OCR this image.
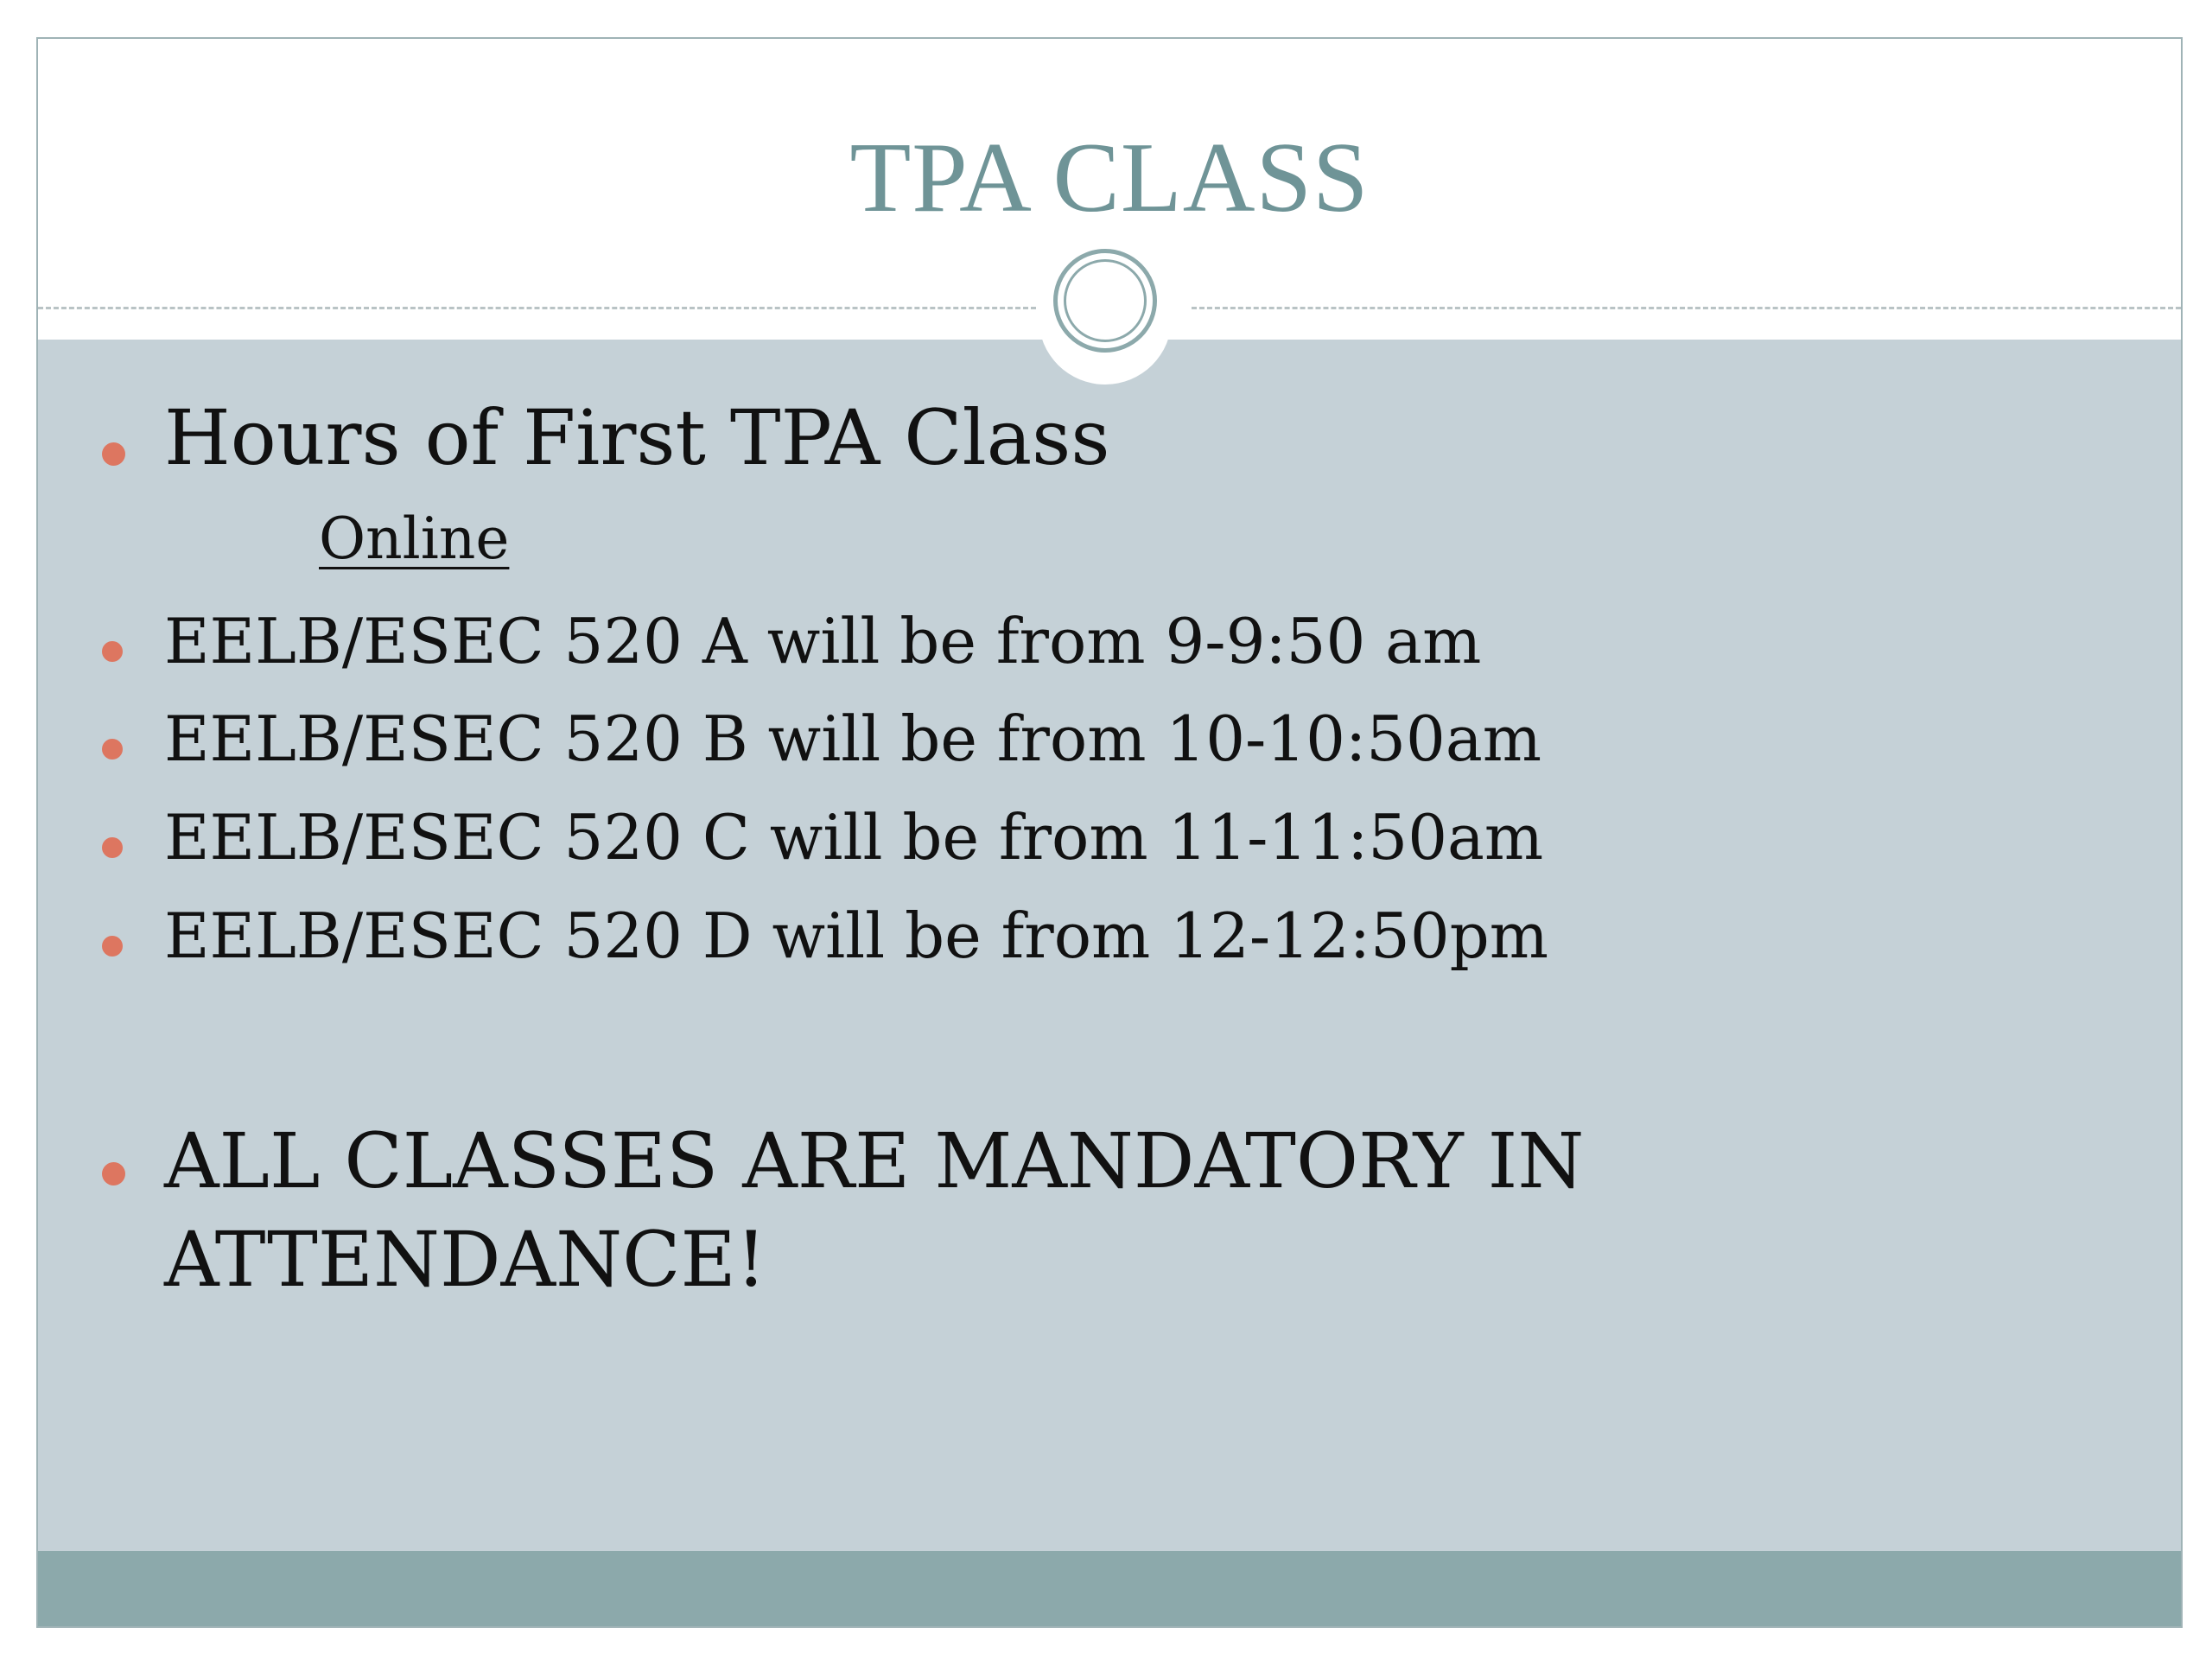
TPA CLASS
Hours of First TPA Class
Online
EELB/ESEC 520 A will be from 9-9:50 am
EELB/ESEC 520 B will be from 10-10:50am
EELB/ESEC 520 C will be from 11-11:50am
EELB/ESEC 520 D will be from 12-12:50pm
ALL CLASSES ARE MANDATORY IN
ATTENDANCE!
